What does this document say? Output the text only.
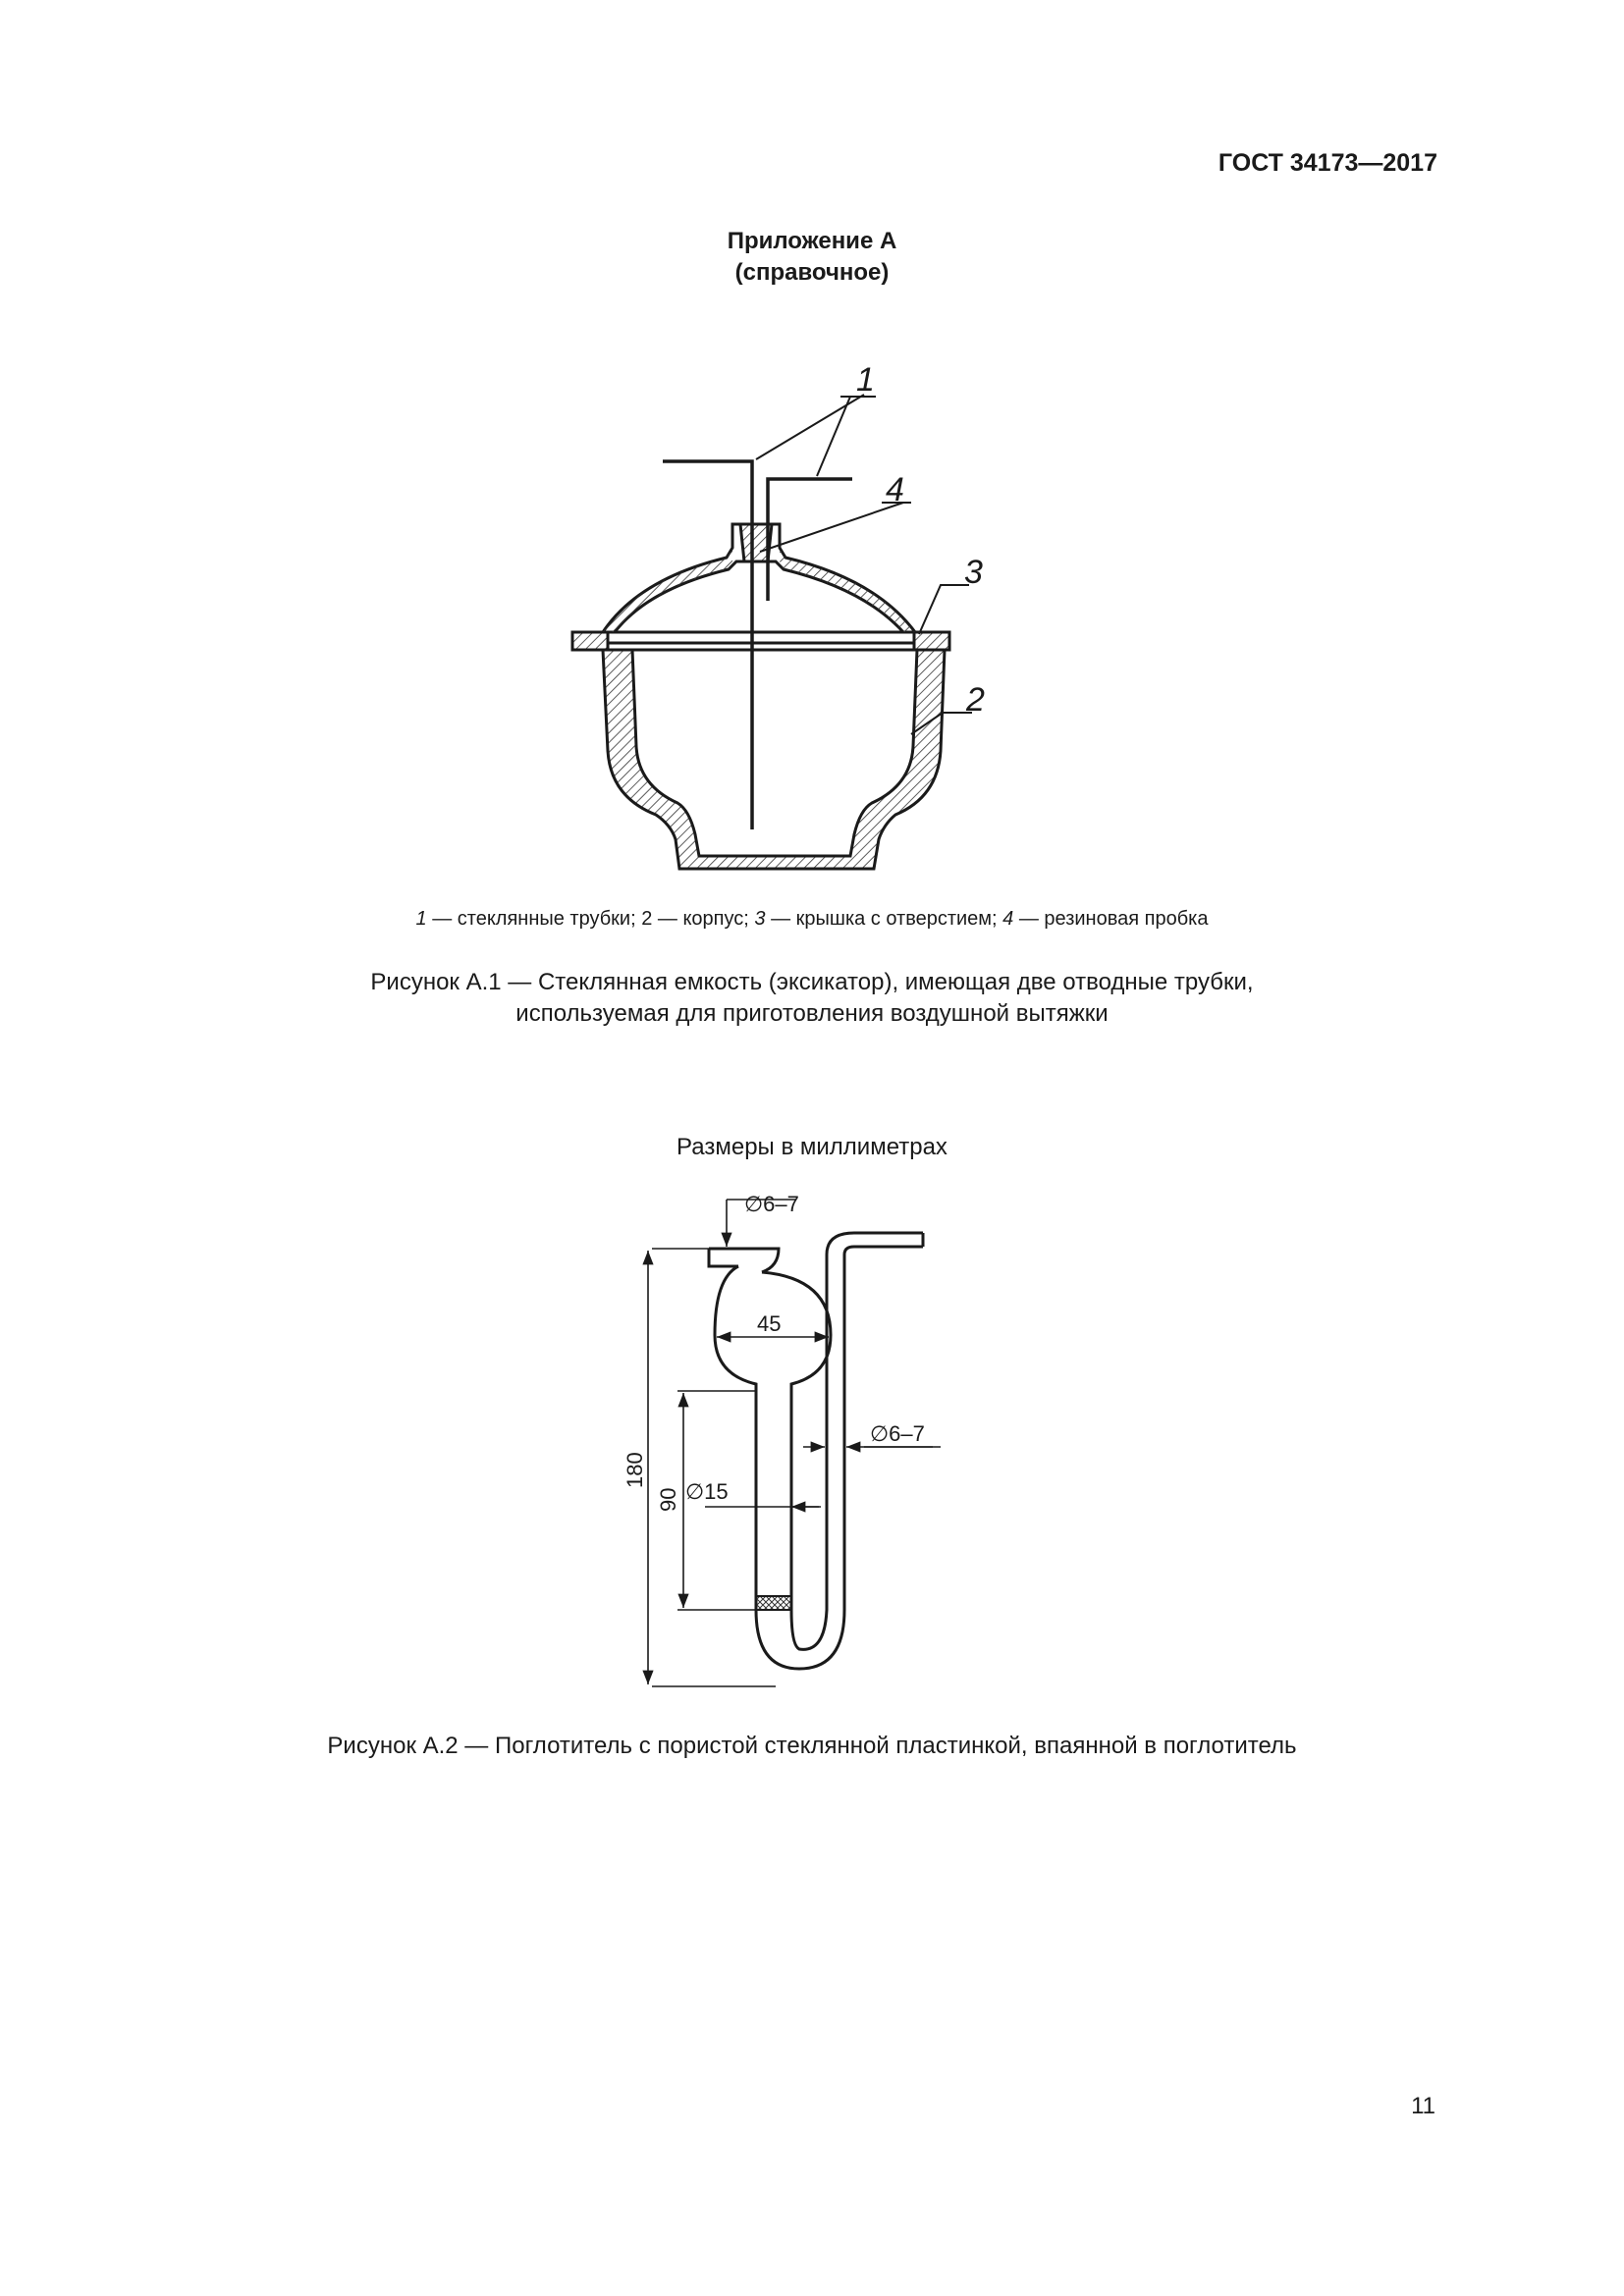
ГОСТ 34173—2017
Приложение А
(справочное)
1
2
3
4
1 — стеклянные трубки; 2 — корпус; 3 — крышка с отверстием; 4 — резиновая пробка
Рисунок А.1 — Стеклянная емкость (эксикатор), имеющая две отводные трубки,
используемая для приготовления воздушной вытяжки
Размеры в миллиметрах
∅6–7
45
∅6–7
∅15
180
90
Рисунок А.2 — Поглотитель с пористой стеклянной пластинкой, впаянной в поглотитель
11
